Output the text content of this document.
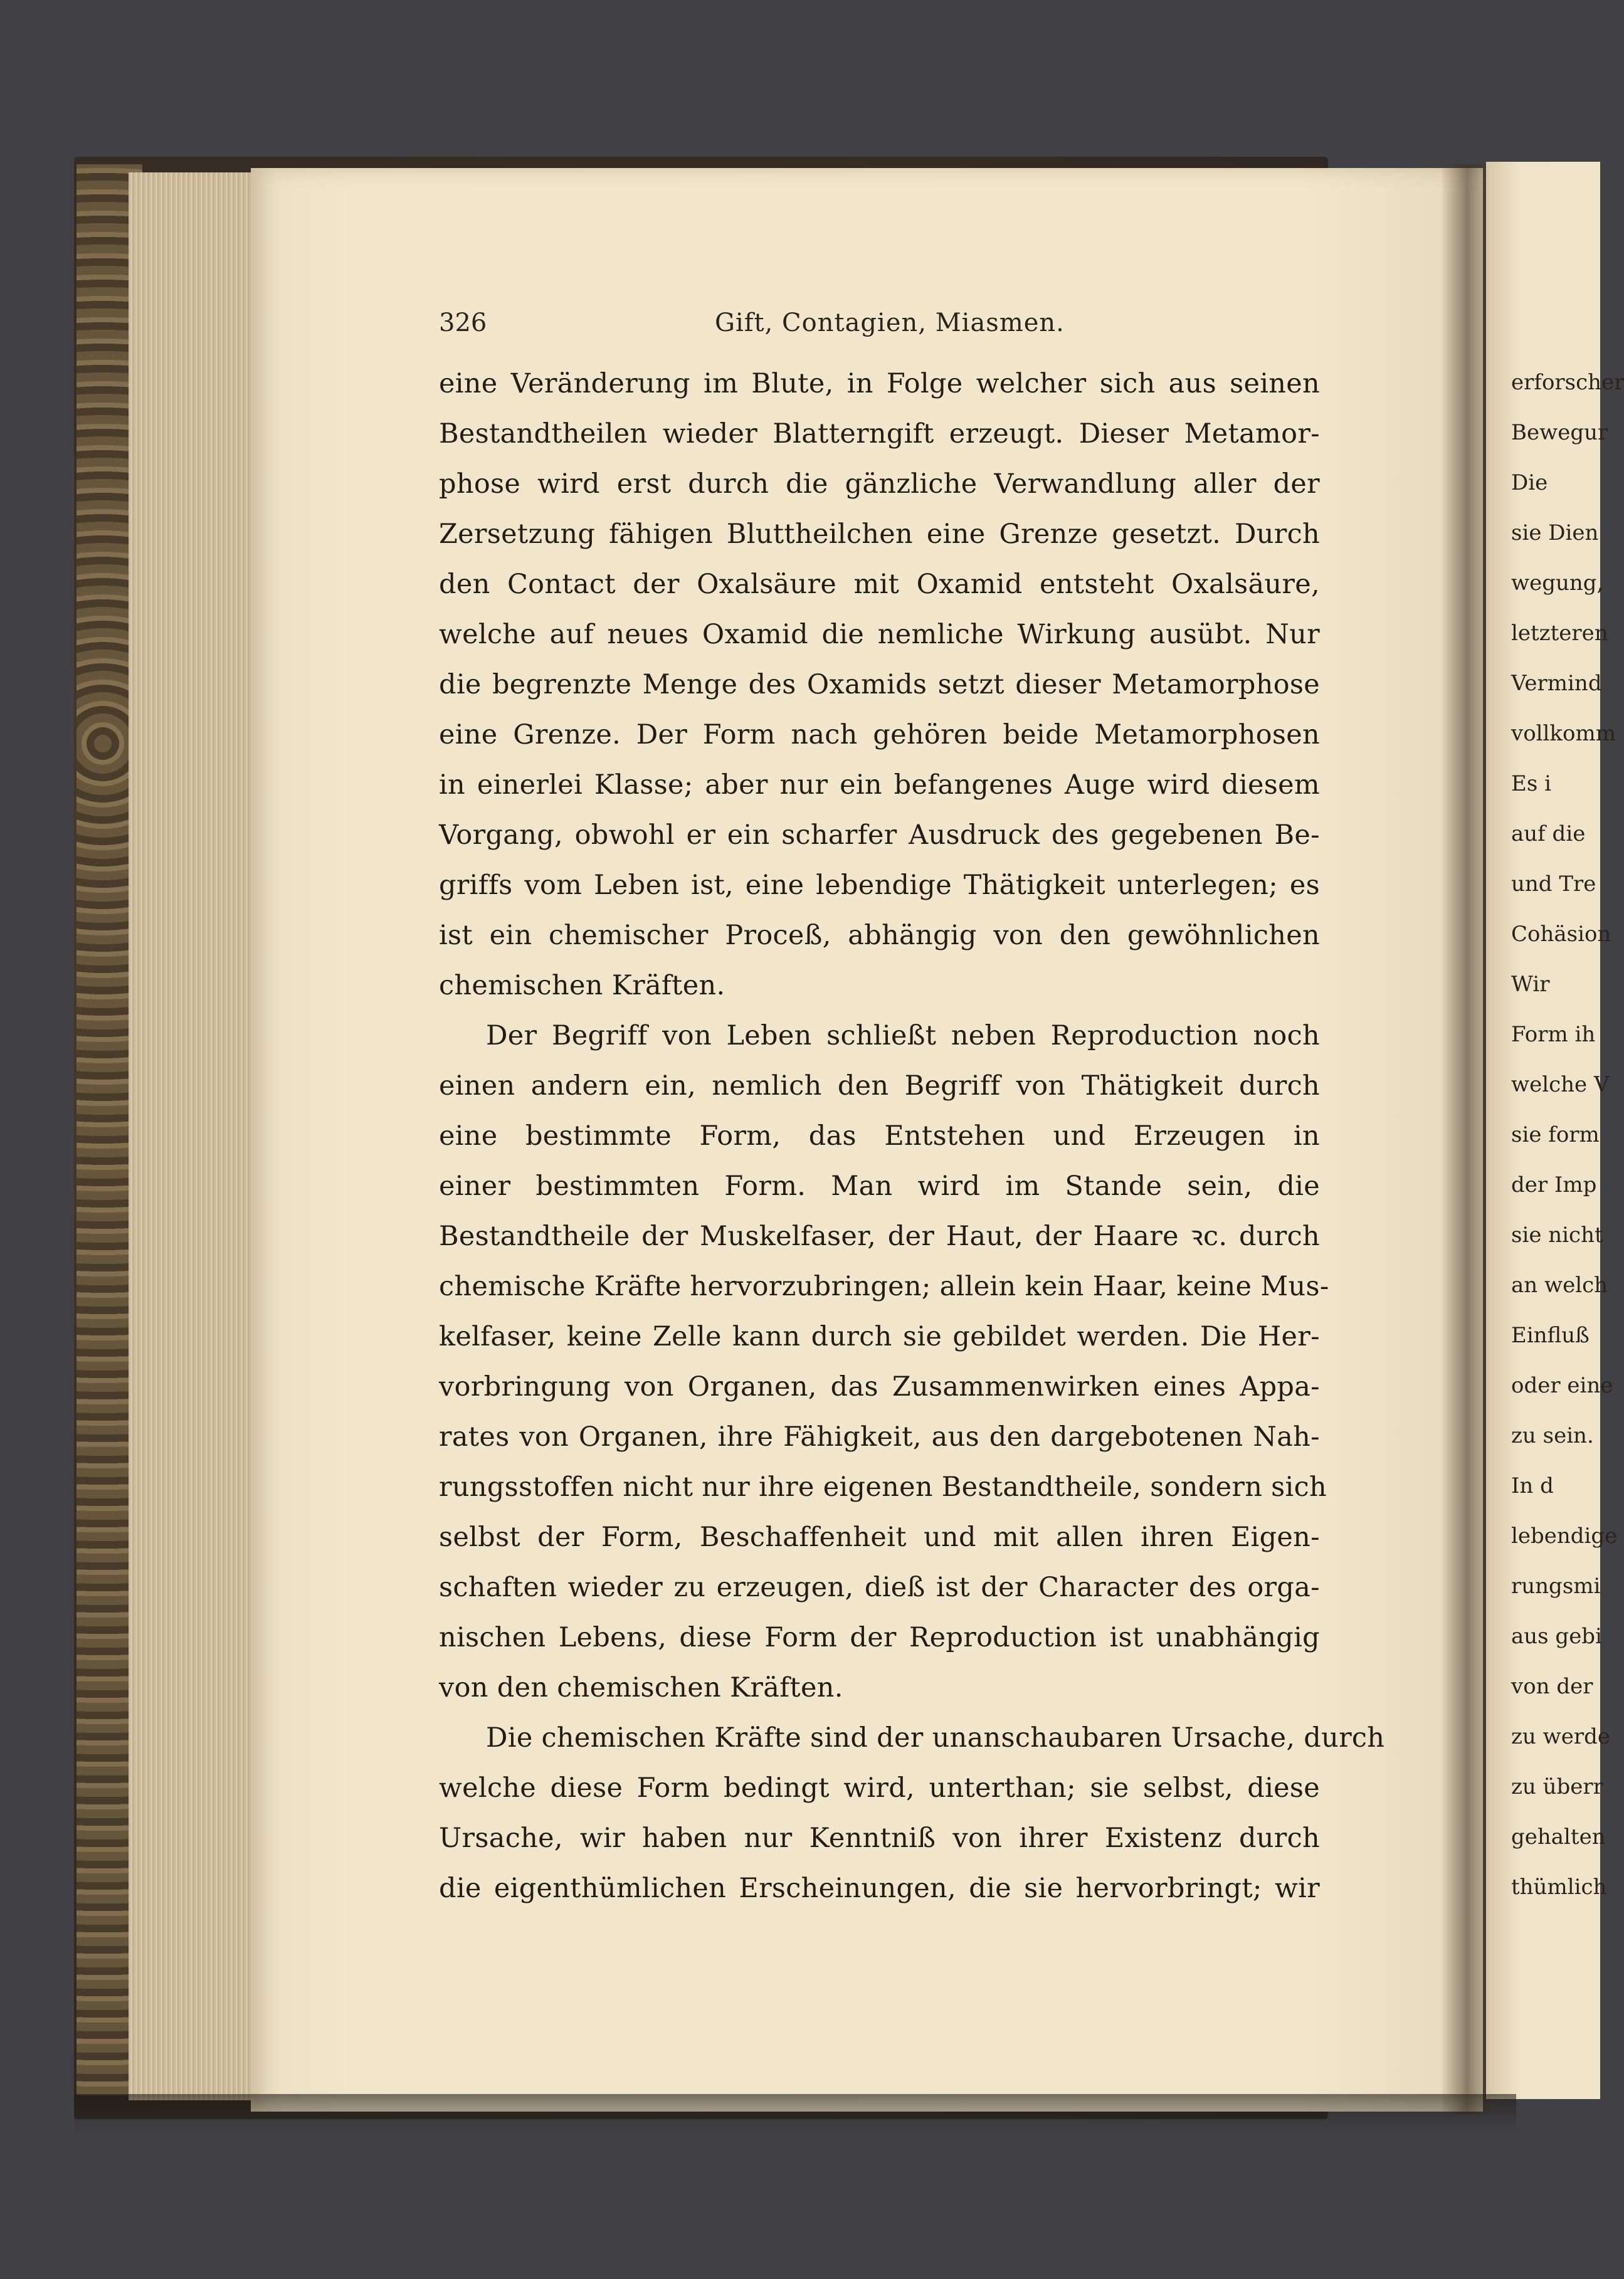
326	Gift, Contagien, Miasmen.
eine Veränderung im Blute, in Folge welcher sich aus seinen
Bestandtheilen wieder Blatterngift erzeugt. Dieser Metamor-
phose wird erst durch die gänzliche Verwandlung aller der
Zersetzung fähigen Bluttheilchen eine Grenze gesetzt. Durch
den Contact der Oxalsäure mit Oxamid entsteht Oxalsäure,
welche auf neues Oxamid die nemliche Wirkung ausübt. Nur
die begrenzte Menge des Oxamids setzt dieser Metamorphose
eine Grenze. Der Form nach gehören beide Metamorphosen
in einerlei Klasse; aber nur ein befangenes Auge wird diesem
Vorgang, obwohl er ein scharfer Ausdruck des gegebenen Be-
griffs vom Leben ist, eine lebendige Thätigkeit unterlegen; es
ist ein chemischer Proceß, abhängig von den gewöhnlichen
chemischen Kräften.
Der Begriff von Leben schließt neben Reproduction noch
einen andern ein, nemlich den Begriff von Thätigkeit durch
eine bestimmte Form, das Entstehen und Erzeugen in
einer bestimmten Form. Man wird im Stande sein, die
Bestandtheile der Muskelfaser, der Haut, der Haare ꝛc. durch
chemische Kräfte hervorzubringen; allein kein Haar, keine Mus-
kelfaser, keine Zelle kann durch sie gebildet werden. Die Her-
vorbringung von Organen, das Zusammenwirken eines Appa-
rates von Organen, ihre Fähigkeit, aus den dargebotenen Nah-
rungsstoffen nicht nur ihre eigenen Bestandtheile, sondern sich
selbst der Form, Beschaffenheit und mit allen ihren Eigen-
schaften wieder zu erzeugen, dieß ist der Character des orga-
nischen Lebens, diese Form der Reproduction ist unabhängig
von den chemischen Kräften.
Die chemischen Kräfte sind der unanschaubaren Ursache, durch
welche diese Form bedingt wird, unterthan; sie selbst, diese
Ursache, wir haben nur Kenntniß von ihrer Existenz durch
die eigenthümlichen Erscheinungen, die sie hervorbringt; wir
erforscher
Bewegur
Die
sie Dien
wegung,
letzteren
Vermind
vollkomm
Es i
auf die
und Tre
Cohäsion
Wir
Form ih
welche V
sie form
der Imp
sie nicht
an welch
Einfluß
oder eine
zu sein.
In d
lebendige
rungsmi
aus gebi
von der
zu werde
zu überr
gehalten
thümlich
